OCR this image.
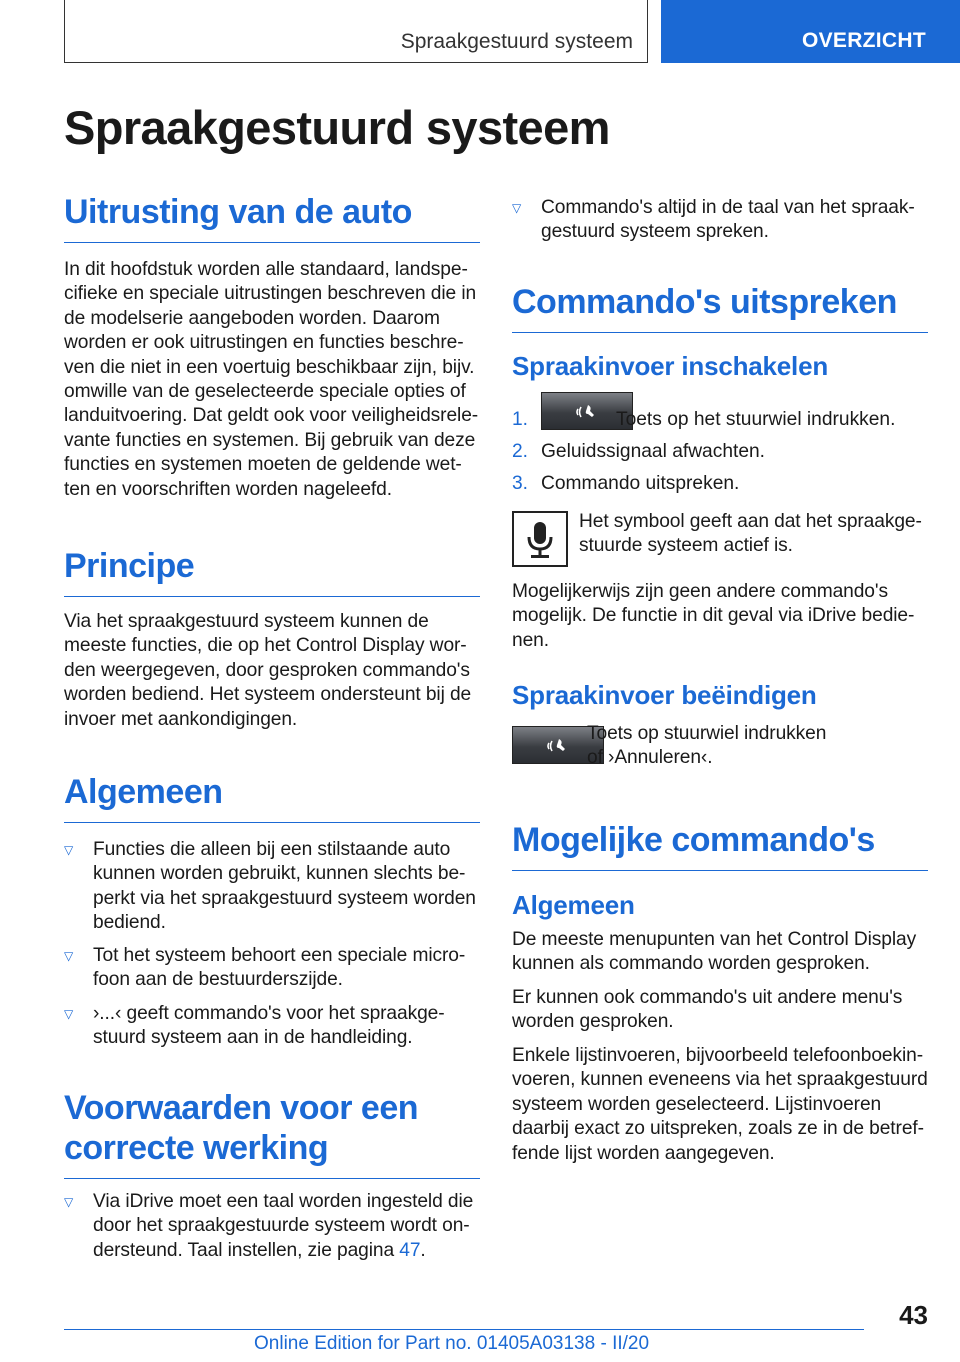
Spraakgestuurd systeem	OVERZICHT
Spraakgestuurd systeem
Uitrusting van de auto
In dit hoofdstuk worden alle standaard, landspe-
cifieke en speciale uitrustingen beschreven die in
de modelserie aangeboden worden. Daarom
worden er ook uitrustingen en functies beschre-
ven die niet in een voertuig beschikbaar zijn, bijv.
omwille van de geselecteerde speciale opties of
landuitvoering. Dat geldt ook voor veiligheidsrele-
vante functies en systemen. Bij gebruik van deze
functies en systemen moeten de geldende wet-
ten en voorschriften worden nageleefd.
Principe
Via het spraakgestuurd systeem kunnen de
meeste functies, die op het Control Display wor-
den weergegeven, door gesproken commando's
worden bediend. Het systeem ondersteunt bij de
invoer met aankondigingen.
Algemeen
▽ Functies die alleen bij een stilstaande auto
kunnen worden gebruikt, kunnen slechts be-
perkt via het spraakgestuurd systeem worden
bediend.
▽ Tot het systeem behoort een speciale micro-
foon aan de bestuurderszijde.
▽ ›...‹ geeft commando's voor het spraakge-
stuurd systeem aan in de handleiding.
Voorwaarden voor een
correcte werking
▽ Via iDrive moet een taal worden ingesteld die
door het spraakgestuurde systeem wordt on-
dersteund. Taal instellen, zie pagina 47.
▽ Commando's altijd in de taal van het spraak-
gestuurd systeem spreken.
Commando's uitspreken
Spraakinvoer inschakelen
1.	Toets op het stuurwiel indrukken.
2. Geluidssignaal afwachten.
3. Commando uitspreken.
Het symbool geeft aan dat het spraakge-
stuurde systeem actief is.
Mogelijkerwijs zijn geen andere commando's
mogelijk. De functie in dit geval via iDrive bedie-
nen.
Spraakinvoer beëindigen
Toets op stuurwiel indrukken
of ›Annuleren‹.
Mogelijke commando's
Algemeen
De meeste menupunten van het Control Display
kunnen als commando worden gesproken.
Er kunnen ook commando's uit andere menu's
worden gesproken.
Enkele lijstinvoeren, bijvoorbeeld telefoonboekin-
voeren, kunnen eveneens via het spraakgestuurd
systeem worden geselecteerd. Lijstinvoeren
daarbij exact zo uitspreken, zoals ze in de betref-
fende lijst worden aangegeven.
43
Online Edition for Part no. 01405A03138 - II/20
